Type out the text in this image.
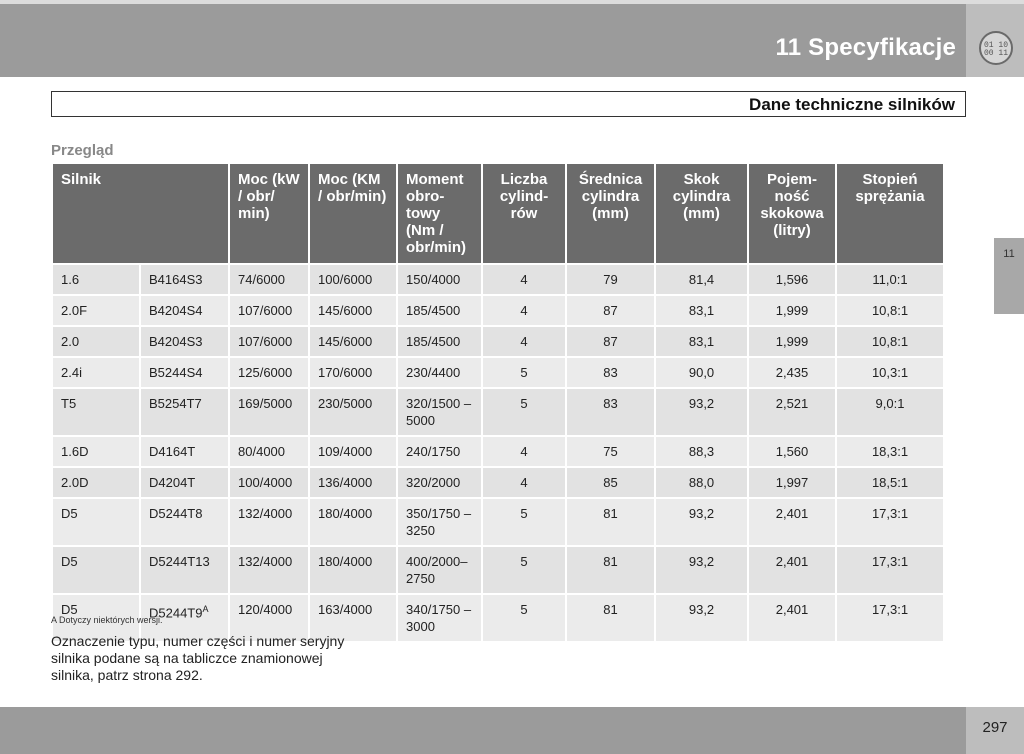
11 Specyfikacje	01 10
00 11
Dane techniczne silników
11
Przegląd
Silnik		Moc (kW / obr/ min)	Moc (KM / obr/min)	Moment obro- towy (Nm / obr/min)	Liczba cylind- rów	Średnica cylindra (mm)	Skok cylindra (mm)	Pojem- ność skokowa (litry)	Stopień sprężania
1.6	B4164S3	74/6000	100/6000	150/4000	4	79	81,4	1,596	11,0:1
2.0F	B4204S4	107/6000	145/6000	185/4500	4	87	83,1	1,999	10,8:1
2.0	B4204S3	107/6000	145/6000	185/4500	4	87	83,1	1,999	10,8:1
2.4i	B5244S4	125/6000	170/6000	230/4400	5	83	90,0	2,435	10,3:1
T5	B5254T7	169/5000	230/5000	320/1500 – 5000	5	83	93,2	2,521	9,0:1
1.6D	D4164T	80/4000	109/4000	240/1750	4	75	88,3	1,560	18,3:1
2.0D	D4204T	100/4000	136/4000	320/2000	4	85	88,0	1,997	18,5:1
D5	D5244T8	132/4000	180/4000	350/1750 – 3250	5	81	93,2	2,401	17,3:1
D5	D5244T13	132/4000	180/4000	400/2000– 2750	5	81	93,2	2,401	17,3:1
D5	$D5244T9^A$	120/4000	163/4000	340/1750 – 3000	5	81	93,2	2,401	17,3:1
A Dotyczy niektórych wersji.
Oznaczenie typu, numer części i numer seryjny silnika podane są na tabliczce znamionowej silnika, patrz strona 292.
297
